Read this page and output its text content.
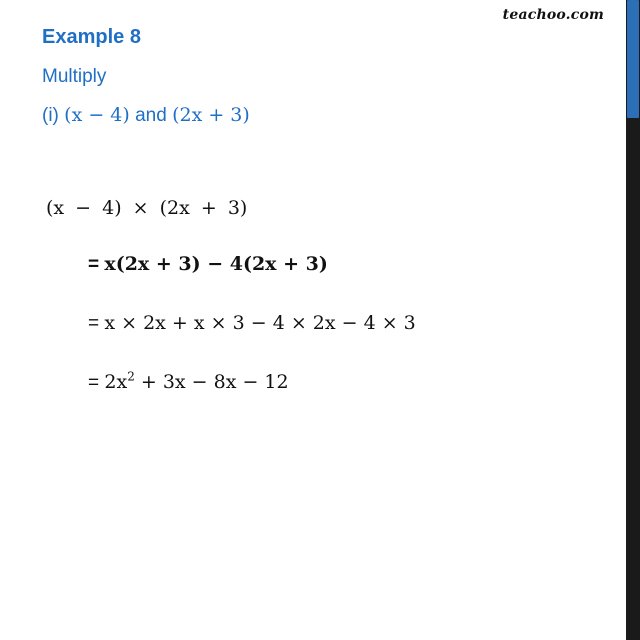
teachoo.com
Example 8
Multiply
(i) (x − 4) and (2x + 3)
(x − 4) × (2x + 3)
= x(2x + 3) − 4(2x + 3)
= x × 2x + x × 3 − 4 × 2x − 4 × 3
= $2x^2 + 3x - 8x - 12$
